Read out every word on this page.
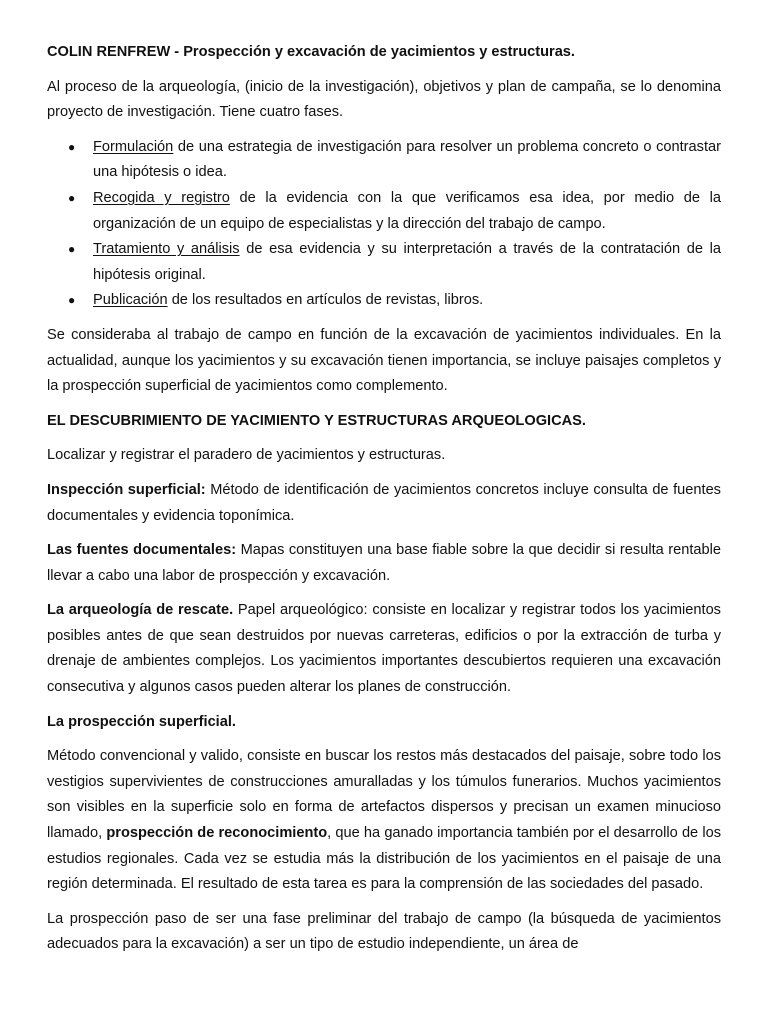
COLIN RENFREW - Prospección y excavación de yacimientos y estructuras.

Al proceso de la arqueología, (inicio de la investigación), objetivos y plan de campaña, se lo denomina proyecto de investigación. Tiene cuatro fases.

● Formulación de una estrategia de investigación para resolver un problema concreto o contrastar una hipótesis o idea.
● Recogida y registro de la evidencia con la que verificamos esa idea, por medio de la organización de un equipo de especialistas y la dirección del trabajo de campo.
● Tratamiento y análisis de esa evidencia y su interpretación a través de la contratación de la hipótesis original.
● Publicación de los resultados en artículos de revistas, libros.

Se consideraba al trabajo de campo en función de la excavación de yacimientos individuales. En la actualidad, aunque los yacimientos y su excavación tienen importancia, se incluye paisajes completos y la prospección superficial de yacimientos como complemento.

EL DESCUBRIMIENTO DE YACIMIENTO Y ESTRUCTURAS ARQUEOLOGICAS.

Localizar y registrar el paradero de yacimientos y estructuras.

Inspección superficial: Método de identificación de yacimientos concretos incluye consulta de fuentes documentales y evidencia toponímica.

Las fuentes documentales: Mapas constituyen una base fiable sobre la que decidir si resulta rentable llevar a cabo una labor de prospección y excavación.

La arqueología de rescate. Papel arqueológico: consiste en localizar y registrar todos los yacimientos posibles antes de que sean destruidos por nuevas carreteras, edificios o por la extracción de turba y drenaje de ambientes complejos. Los yacimientos importantes descubiertos requieren una excavación consecutiva y algunos casos pueden alterar los planes de construcción.

La prospección superficial.

Método convencional y valido, consiste en buscar los restos más destacados del paisaje, sobre todo los vestigios supervivientes de construcciones amuralladas y los túmulos funerarios. Muchos yacimientos son visibles en la superficie solo en forma de artefactos dispersos y precisan un examen minucioso llamado, prospección de reconocimiento, que ha ganado importancia también por el desarrollo de los estudios regionales. Cada vez se estudia más la distribución de los yacimientos en el paisaje de una región determinada. El resultado de esta tarea es para la comprensión de las sociedades del pasado.

La prospección paso de ser una fase preliminar del trabajo de campo (la búsqueda de yacimientos adecuados para la excavación) a ser un tipo de estudio independiente, un área de
